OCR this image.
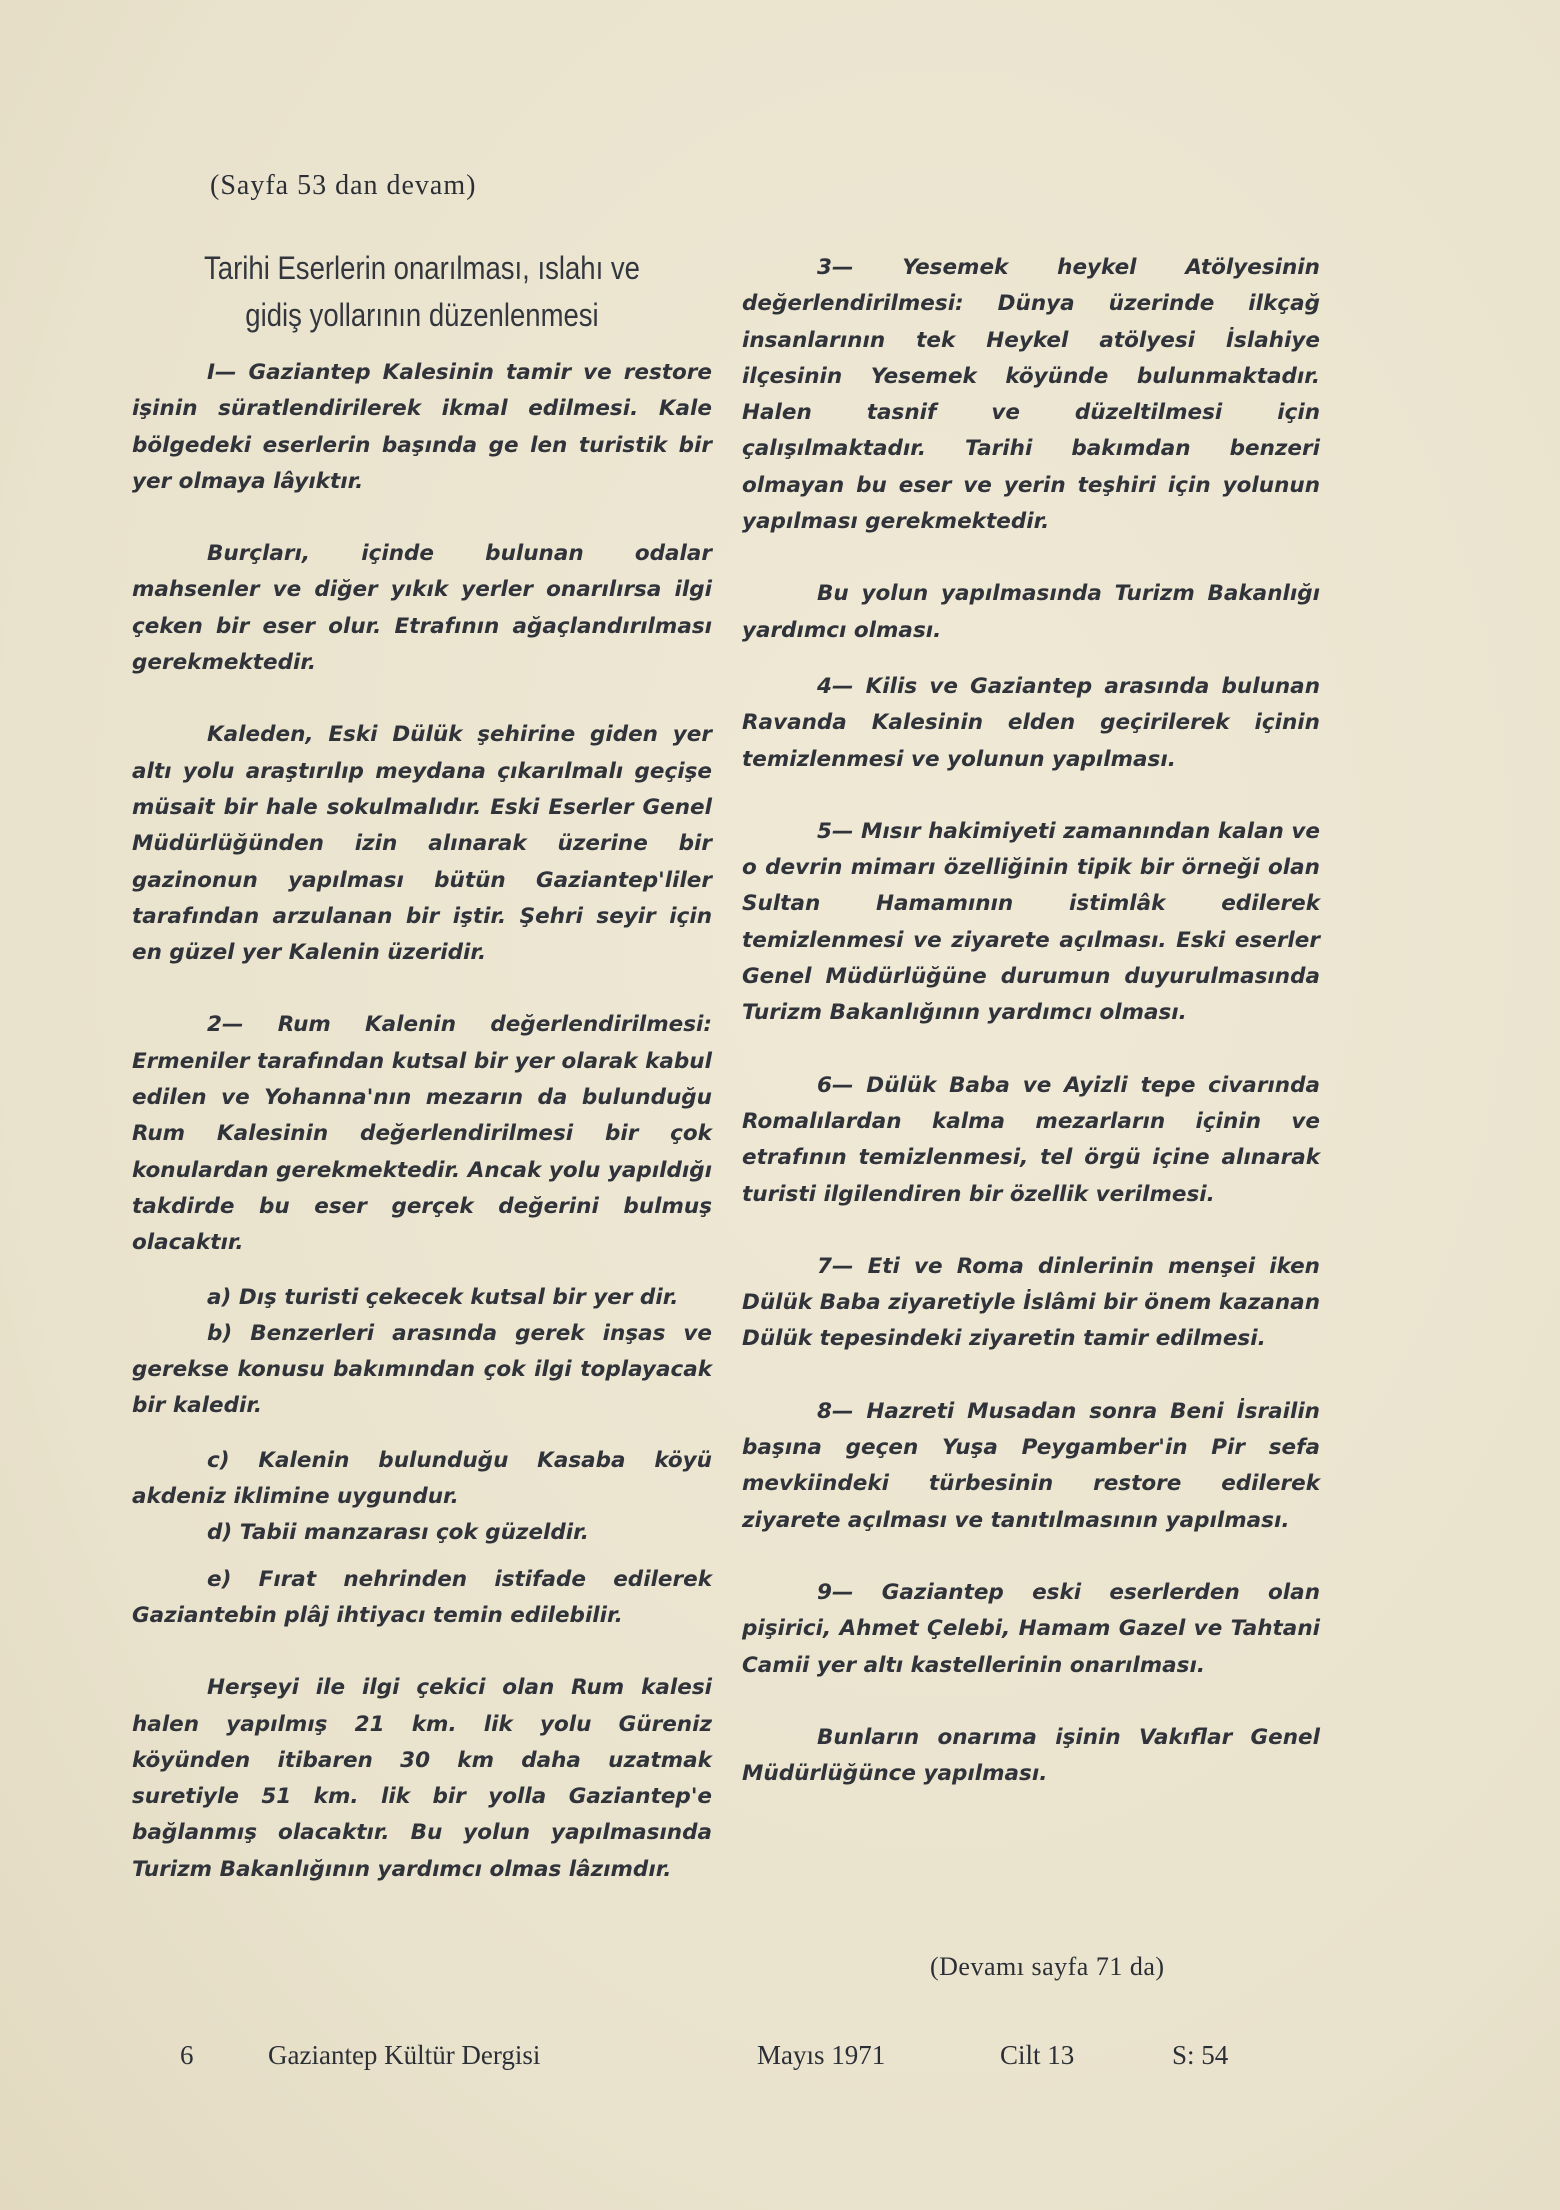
(Sayfa 53 dan devam)
Tarihi Eserlerin onarılması, ıslahı ve
gidiş yollarının düzenlenmesi

I— Gaziantep Kalesinin tamir ve restore işinin süratlendirilerek ikmal edilmesi. Kale bölgedeki eserlerin başında ge len turistik bir yer olmaya lâyıktır.

Burçları, içinde bulunan odalar mahsenler ve diğer yıkık yerler onarılırsa ilgi çeken bir eser olur. Etrafının ağaçlandırılması gerekmektedir.

Kaleden, Eski Dülük şehirine giden yer altı yolu araştırılıp meydana çıkarılmalı geçişe müsait bir hale sokulmalıdır. Eski Eserler Genel Müdürlüğünden izin alınarak üzerine bir gazinonun yapılması bütün Gaziantep'liler tarafından arzulanan bir iştir. Şehri seyir için en güzel yer Kalenin üzeridir.

2— Rum Kalenin değerlendirilmesi: Ermeniler tarafından kutsal bir yer olarak kabul edilen ve Yohanna'nın mezarın da bulunduğu Rum Kalesinin değerlendirilmesi bir çok konulardan gerekmektedir. Ancak yolu yapıldığı takdirde bu eser gerçek değerini bulmuş olacaktır.

a) Dış turisti çekecek kutsal bir yer dir.

b) Benzerleri arasında gerek inşas ve gerekse konusu bakımından çok ilgi toplayacak bir kaledir.

c) Kalenin bulunduğu Kasaba köyü akdeniz iklimine uygundur.

d) Tabii manzarası çok güzeldir.

e) Fırat nehrinden istifade edilerek Gaziantebin plâj ihtiyacı temin edilebilir.

Herşeyi ile ilgi çekici olan Rum kalesi halen yapılmış 21 km. lik yolu Güreniz köyünden itibaren 30 km daha uzatmak suretiyle 51 km. lik bir yolla Gaziantep'e bağlanmış olacaktır. Bu yolun yapılmasında Turizm Bakanlığının yardımcı olmas lâzımdır.

3— Yesemek heykel Atölyesinin değerlendirilmesi: Dünya üzerinde ilkçağ insanlarının tek Heykel atölyesi İslahiye ilçesinin Yesemek köyünde bulunmaktadır. Halen tasnif ve düzeltilmesi için çalışılmaktadır. Tarihi bakımdan benzeri olmayan bu eser ve yerin teşhiri için yolunun yapılması gerekmektedir.

Bu yolun yapılmasında Turizm Bakanlığı yardımcı olması.

4— Kilis ve Gaziantep arasında bulunan Ravanda Kalesinin elden geçirilerek içinin temizlenmesi ve yolunun yapılması.

5— Mısır hakimiyeti zamanından kalan ve o devrin mimarı özelliğinin tipik bir örneği olan Sultan Hamamının istimlâk edilerek temizlenmesi ve ziyarete açılması. Eski eserler Genel Müdürlüğüne durumun duyurulmasında Turizm Bakanlığının yardımcı olması.

6— Dülük Baba ve Ayizli tepe civarında Romalılardan kalma mezarların içinin ve etrafının temizlenmesi, tel örgü içine alınarak turisti ilgilendiren bir özellik verilmesi.

7— Eti ve Roma dinlerinin menşei iken Dülük Baba ziyaretiyle İslâmi bir önem kazanan Dülük tepesindeki ziyaretin tamir edilmesi.

8— Hazreti Musadan sonra Beni İsrailin başına geçen Yuşa Peygamber'in Pir sefa mevkiindeki türbesinin restore edilerek ziyarete açılması ve tanıtılmasının yapılması.

9— Gaziantep eski eserlerden olan pişirici, Ahmet Çelebi, Hamam Gazel ve Tahtani Camii yer altı kastellerinin onarılması.

Bunların onarıma işinin Vakıflar Genel Müdürlüğünce yapılması.

(Devamı sayfa 71 da)
6	Gaziantep Kültür Dergisi	Mayıs 1971	Cilt 13	S: 54
